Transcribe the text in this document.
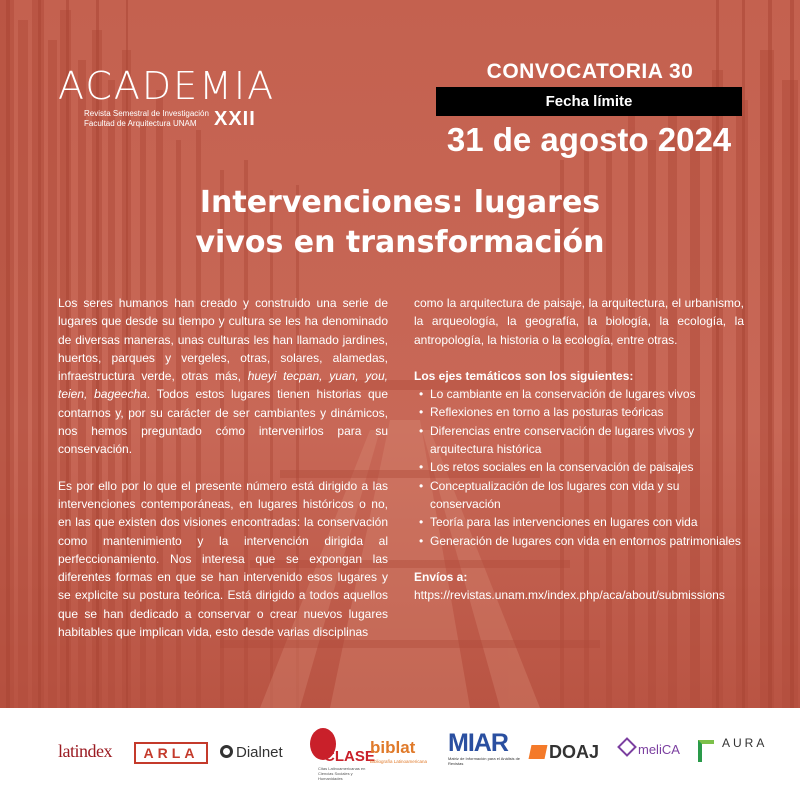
ACADEMIA
Revista Semestral de Investigación
Facultad de Arquitectura UNAM XXII
CONVOCATORIA 30
Fecha límite
31 de agosto 2024
Intervenciones: lugares
vivos en transformación

Los seres humanos han creado y construido una serie de lugares que desde su tiempo y cultura se les ha denominado de diversas maneras, unas culturas les han llamado jardines, huertos, parques y vergeles, otras, solares, alamedas, infraestructura verde, otras más, hueyi tecpan, yuan, you, teien, bageecha. Todos estos lugares tienen historias que contarnos y, por su carácter de ser cambiantes y dinámicos, nos hemos preguntado cómo intervenirlos para su conservación.

Es por ello por lo que el presente número está dirigido a las intervenciones contemporáneas, en lugares históricos o no, en las que existen dos visiones encontradas: la conservación como mantenimiento y la intervención dirigida al perfeccionamiento. Nos interesa que se expongan las diferentes formas en que se han intervenido esos lugares y se explicite su postura teórica. Está dirigido a todos aquellos que se han dedicado a conservar o crear nuevos lugares habitables que implican vida, esto desde varias disciplinas

como la arquitectura de paisaje, la arquitectura, el urbanismo, la arqueología, la geografía, la biología, la ecología, la antropología, la historia o la ecología, entre otras.

Los ejes temáticos son los siguientes:
• Lo cambiante en la conservación de lugares vivos
• Reflexiones en torno a las posturas teóricas
• Diferencias entre conservación de lugares vivos y arquitectura histórica
• Los retos sociales en la conservación de paisajes
• Conceptualización de los lugares con vida y su conservación
• Teoría para las intervenciones en lugares con vida
• Generación de lugares con vida en entornos patrimoniales
Envíos a:
https://revistas.unam.mx/index.php/aca/about/submissions
latindex	ARLA	Dialnet	CLASE
Citas Latinoamericanas en Ciencias Sociales y Humanidades
biblat
Bibliografía Latinoamericana
MIAR
Matriz de Información para el Análisis de Revistas
DOAJ	meliCA	AURA
